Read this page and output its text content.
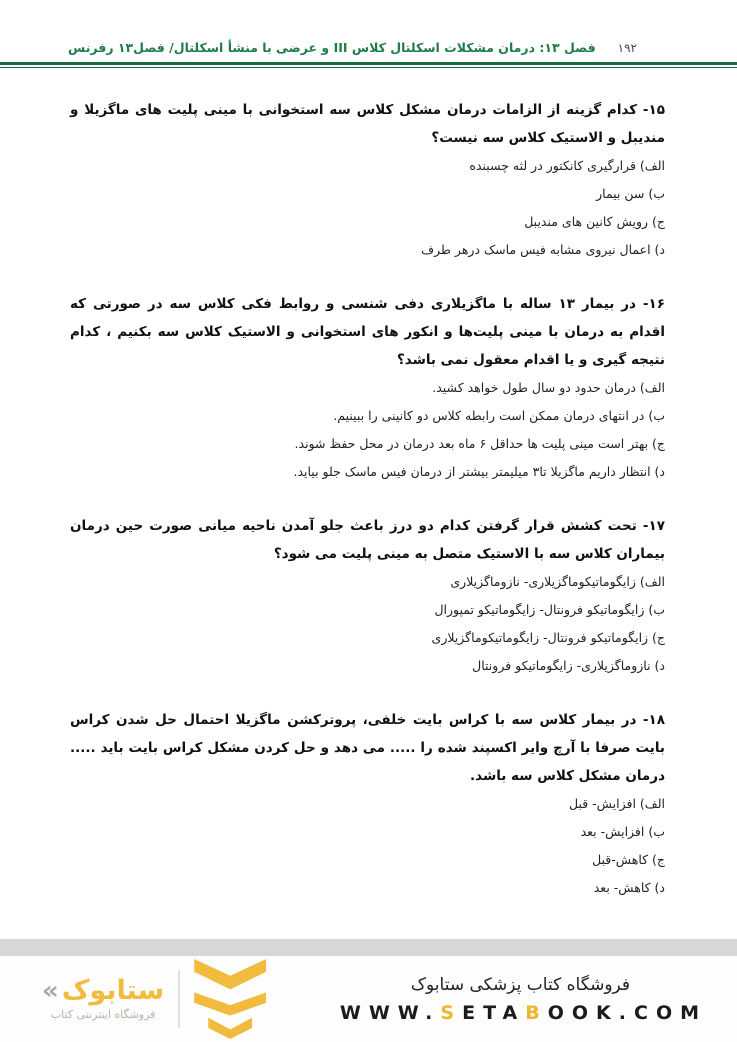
۱۹۲
فصل ۱۳: درمان مشکلات اسکلتال کلاس III و عرضی با منشأ اسکلتال/ فصل۱۳ رفرنس

۱۵- کدام گزینه از الزامات درمان مشکل کلاس سه استخوانی با مینی پلیت های ماگزیلا و مندیبل و الاستیک کلاس سه نیست؟

الف) قرارگیری کانکتور در لثه چسبنده

ب) سن بیمار

ج) رویش کانین های مندیبل

د) اعمال نیروی مشابه فیس ماسک درهر طرف

۱۶- در بیمار ۱۳ ساله با ماگزیلاری دفی شنسی و روابط فکی کلاس سه در صورتی که اقدام به درمان با مینی پلیت‌ها و انکور های استخوانی و الاستیک کلاس سه بکنیم ، کدام نتیجه گیری و یا اقدام معقول نمی باشد؟

الف) درمان حدود دو سال طول خواهد کشید.

ب) در انتهای درمان ممکن است رابطه کلاس دو کانینی را ببینیم.

ج) بهتر است مینی پلیت ها حداقل ۶ ماه بعد درمان در محل حفظ شوند.

د) انتظار داریم ماگزیلا تا۳ میلیمتر بیشتر از درمان فیس ماسک جلو بیاید.

۱۷- تحت کشش قرار گرفتن کدام دو درز باعث جلو آمدن ناحیه میانی صورت حین درمان بیماران کلاس سه با الاستیک متصل به مینی پلیت می شود؟

الف) زایگوماتیکوماگزیلاری- نازوماگزیلاری

ب) زایگوماتیکو فرونتال- زایگوماتیکو تمپورال

ج) زایگوماتیکو فرونتال- زایگوماتیکوماگزیلاری

د) نازوماگزیلاری- زایگوماتیکو فرونتال

۱۸- در بیمار کلاس سه با کراس بایت خلفی، پروترکشن ماگزیلا احتمال حل شدن کراس بایت صرفا با آرچ وایر اکسپند شده را ..... می دهد و حل کردن مشکل کراس بایت باید ..... درمان مشکل کلاس سه باشد.

الف) افزایش- قبل

ب) افزایش- بعد

ج) کاهش-قبل

د) کاهش- بعد

« ستابوک
فروشگاه اینترنتی کتاب

فروشگاه کتاب پزشکی ستابوک

WWW.SETABOOK.COM
